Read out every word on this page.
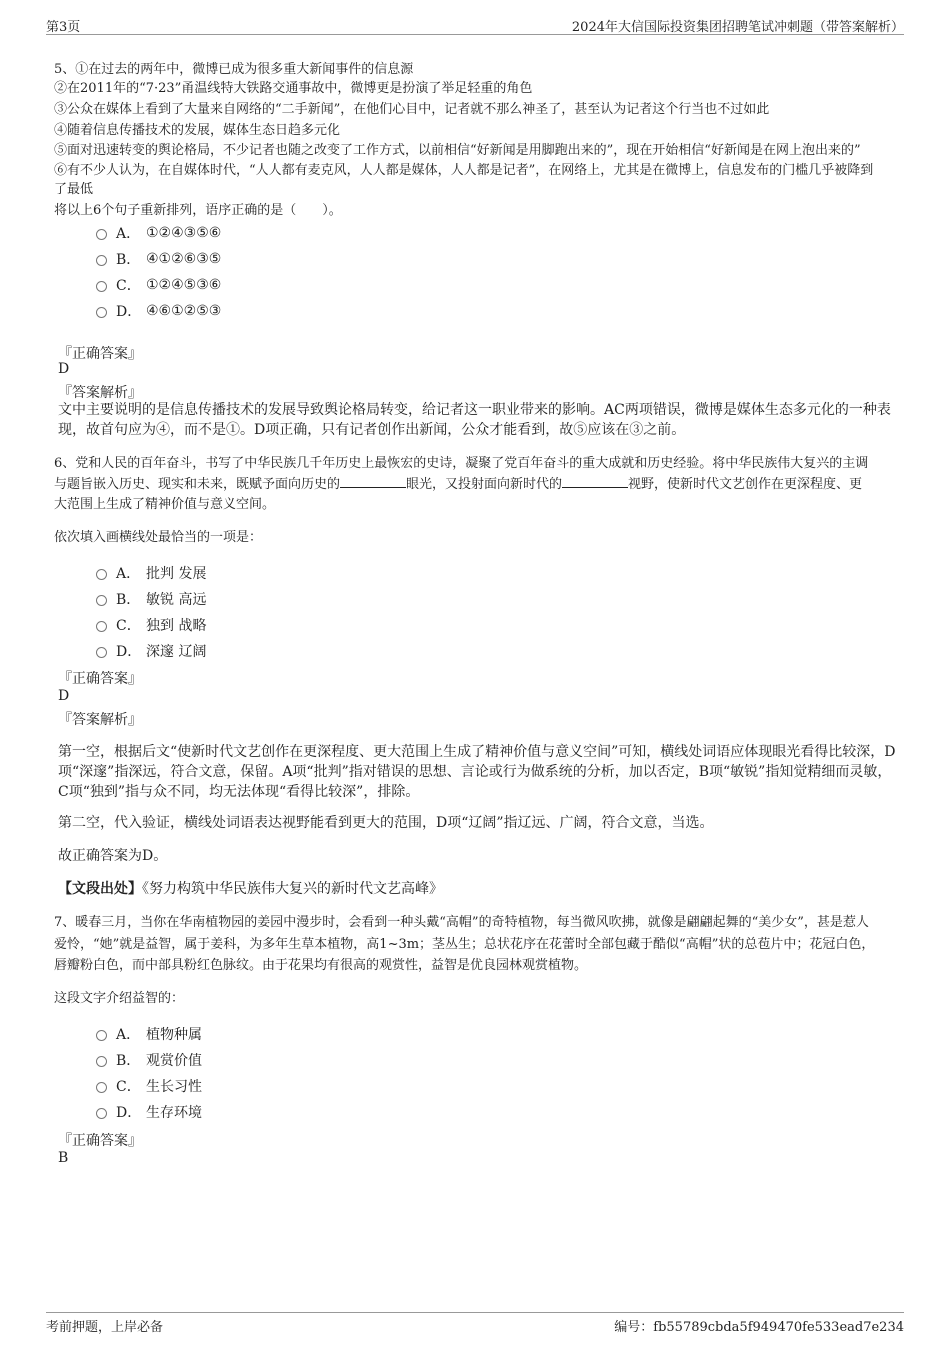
第3页	2024年大信国际投资集团招聘笔试冲刺题（带答案解析）
5、①在过去的两年中，微博已成为很多重大新闻事件的信息源
②在2011年的“7·23”甬温线特大铁路交通事故中，微博更是扮演了举足轻重的角色
③公众在媒体上看到了大量来自网络的“二手新闻”，在他们心目中，记者就不那么神圣了，甚至认为记者这个行当也不过如此
④随着信息传播技术的发展，媒体生态日趋多元化
⑤面对迅速转变的舆论格局，不少记者也随之改变了工作方式，以前相信“好新闻是用脚跑出来的”，现在开始相信“好新闻是在网上泡出来的”
⑥有不少人认为，在自媒体时代，“人人都有麦克风，人人都是媒体，人人都是记者”，在网络上，尤其是在微博上，信息发布的门槛几乎被降到
了最低
将以上6个句子重新排列，语序正确的是（　　）。
A． ①②④③⑤⑥
B． ④①②⑥③⑤
C． ①②④⑤③⑥
D． ④⑥①②⑤③
『正确答案』
D
『答案解析』
文中主要说明的是信息传播技术的发展导致舆论格局转变，给记者这一职业带来的影响。AC两项错误，微博是媒体生态多元化的一种表现，故首句应为④，而不是①。D项正确，只有记者创作出新闻，公众才能看到，故⑤应该在③之前。
6、党和人民的百年奋斗，书写了中华民族几千年历史上最恢宏的史诗，凝聚了党百年奋斗的重大成就和历史经验。将中华民族伟大复兴的主调
与题旨嵌入历史、现实和未来，既赋予面向历史的	眼光，又投射面向新时代的	视野，使新时代文艺创作在更深程度、更
大范围上生成了精神价值与意义空间。
依次填入画横线处最恰当的一项是：
A． 批判 发展
B． 敏锐 高远
C． 独到 战略
D． 深邃 辽阔
『正确答案』
D
『答案解析』
第一空，根据后文“使新时代文艺创作在更深程度、更大范围上生成了精神价值与意义空间”可知，横线处词语应体现眼光看得比较深，D项“深邃”指深远，符合文意，保留。A项“批判”指对错误的思想、言论或行为做系统的分析，加以否定，B项“敏锐”指知觉精细而灵敏，C项“独到”指与众不同，均无法体现“看得比较深”，排除。
第二空，代入验证，横线处词语表达视野能看到更大的范围，D项“辽阔”指辽远、广阔，符合文意，当选。
故正确答案为D。
【文段出处】《努力构筑中华民族伟大复兴的新时代文艺高峰》
7、暖春三月，当你在华南植物园的姜园中漫步时，会看到一种头戴“高帽”的奇特植物，每当微风吹拂，就像是翩翩起舞的“美少女”，甚是惹人
爱怜，“她”就是益智，属于姜科，为多年生草本植物，高1~3m；茎丛生；总状花序在花蕾时全部包藏于酷似“高帽”状的总苞片中；花冠白色，
唇瓣粉白色，而中部具粉红色脉纹。由于花果均有很高的观赏性，益智是优良园林观赏植物。
这段文字介绍益智的：
A． 植物种属
B． 观赏价值
C． 生长习性
D． 生存环境
『正确答案』
B
考前押题，上岸必备	编号：fb55789cbda5f949470fe533ead7e234
